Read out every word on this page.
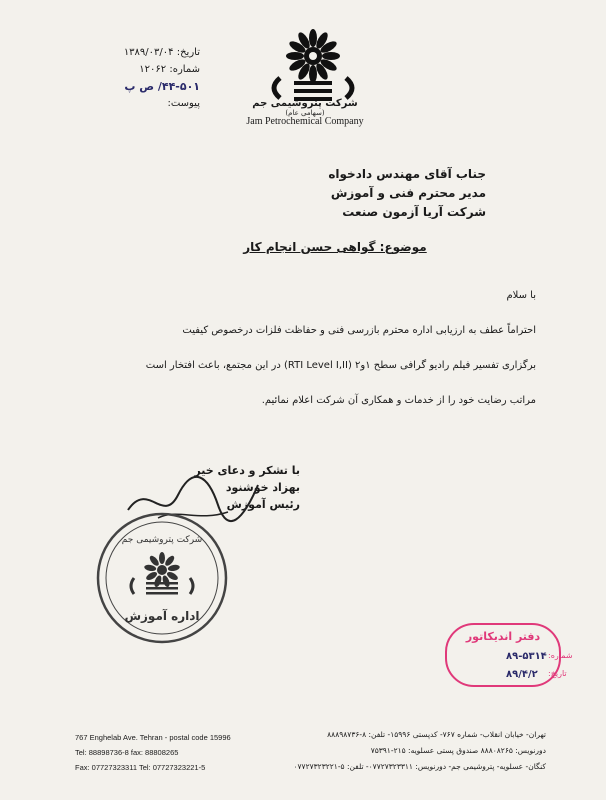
تاریخ: ۱۳۸۹/۰۳/۰۴
شماره: ۱۲۰۶۲
۴۴-۵۰۱/ ص پ
پیوست:	شرکت پتروشیمی جم
(سهامی عام)
Jam Petrochemical Company
جناب آقای مهندس دادخواه
مدیر محترم فنی و آموزش
شرکت آریا آزمون صنعت
موضوع: گواهی حسن انجام کار
با سلام
احتراماً عطف به ارزیابی اداره محترم بازرسی فنی و حفاظت فلزات درخصوص کیفیت
برگزاری تفسیر فیلم رادیو گرافی سطح ۱و۲ (RTI Level I,II) در این مجتمع، باعث افتخار است
مراتب رضایت خود را از خدمات و همکاری آن شرکت اعلام نمائیم.
با تشکر و دعای خیر
بهزاد خوشنود
رئیس آموزش
شرکت پتروشیمی جم
اداره آموزش
دفتر اندیکاتور
شماره:
۸۹-۵۳۱۴
تاریخ:
۸۹/۴/۲
767 Enghelab Ave. Tehran - postal code 15996
Tel: 88898736-8 fax: 88808265
Fax: 07727323311 Tel: 07727323221-5
تهران- خیابان انقلاب- شماره ۷۶۷- کدپستی ۱۵۹۹۶- تلفن: ۸-۸۸۸۹۸۷۳۶
دورنویس: ۸۸۸۰۸۲۶۵ صندوق پستی عسلویه: ۲۱۵-۷۵۳۹۱
کنگان- عسلویه- پتروشیمی جم- دورنویس: ۰۷۷۲۷۳۲۳۳۱۱- تلفن: ۵-۰۷۷۲۷۳۲۳۲۲۱
